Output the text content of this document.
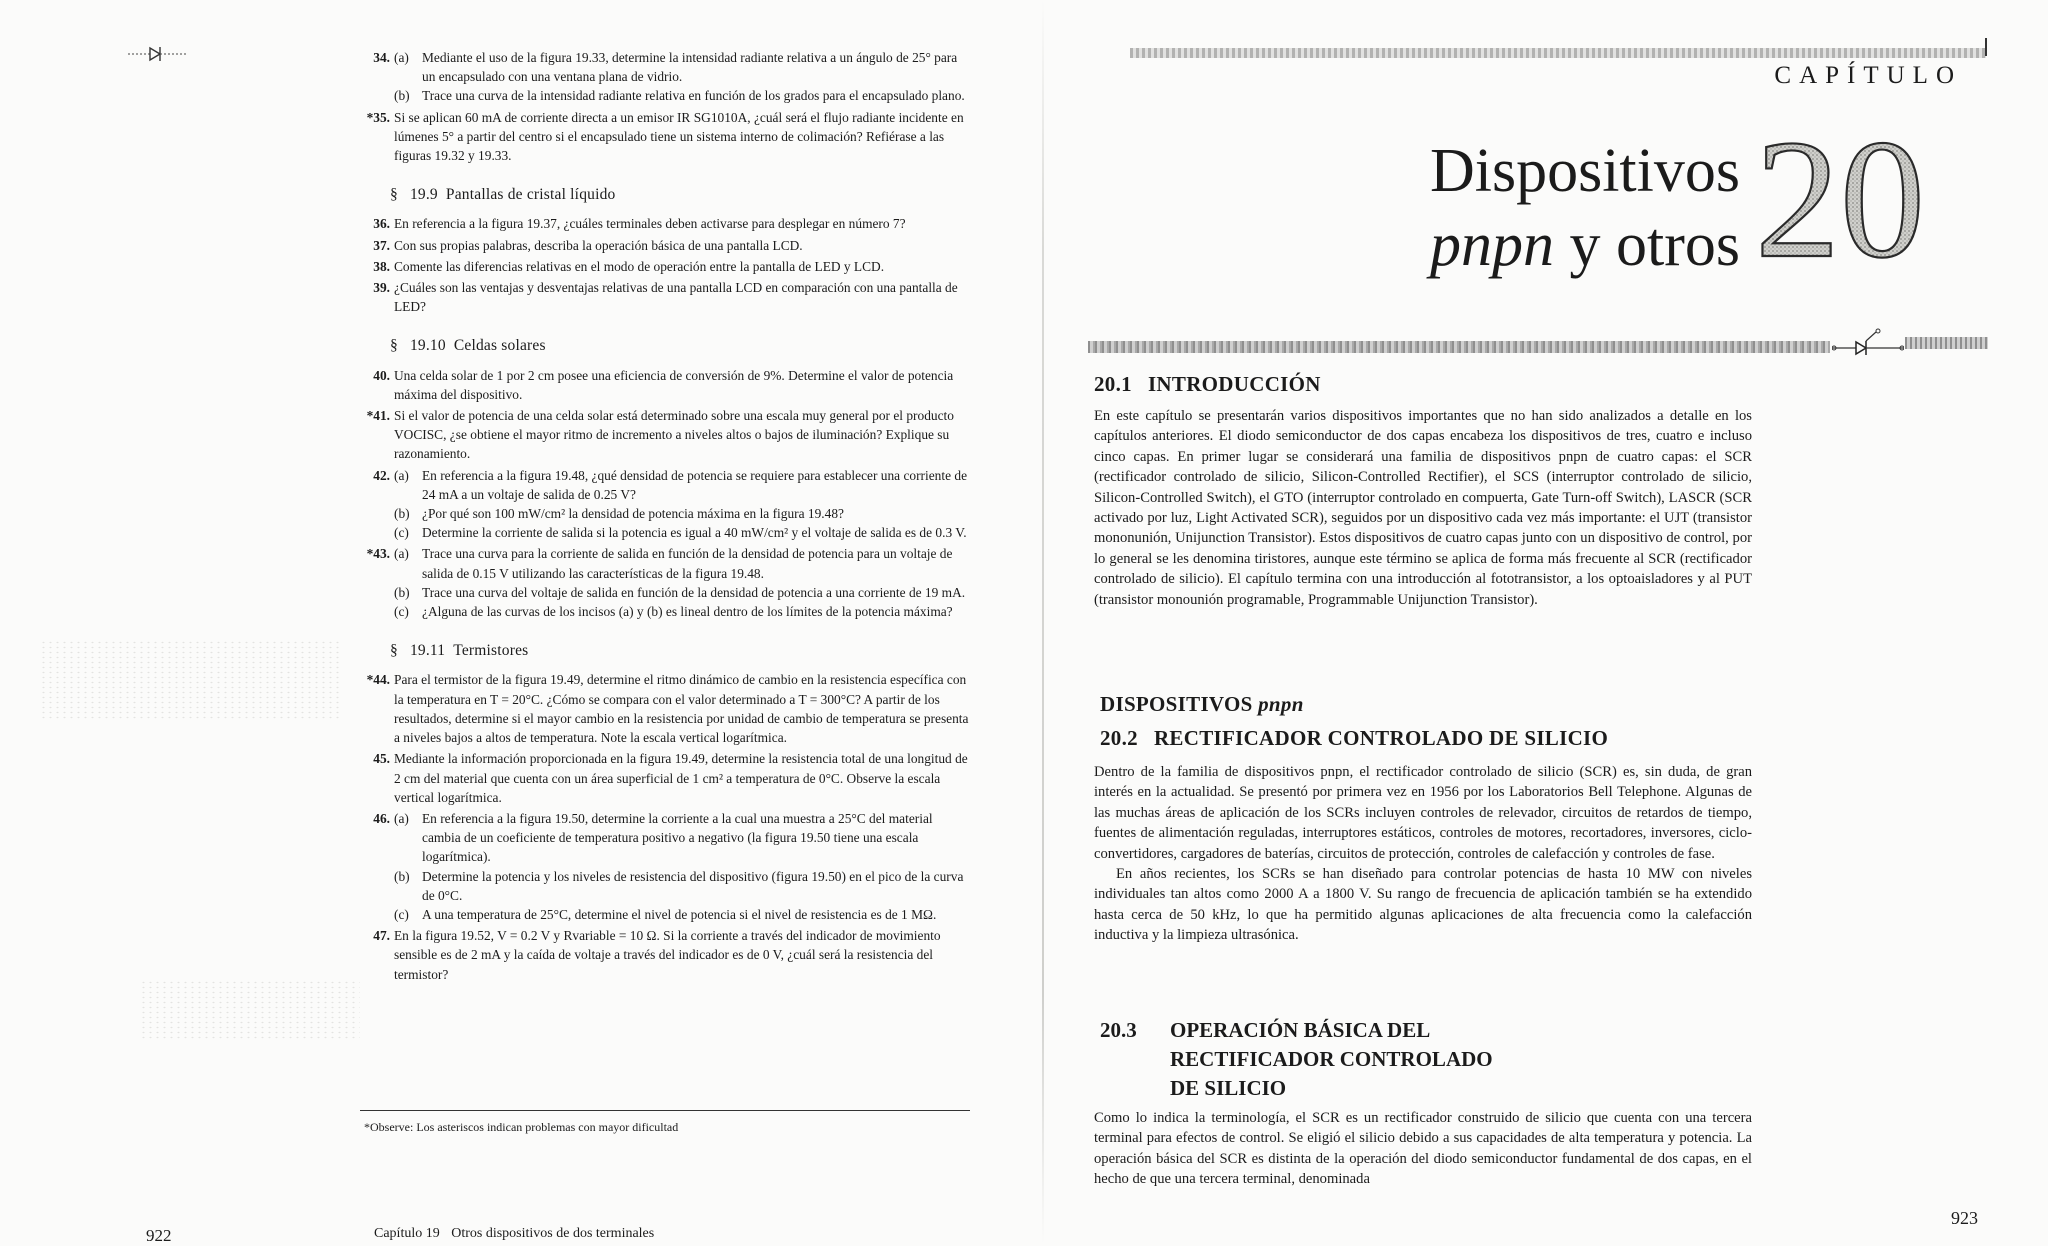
34. (a) Mediante el uso de la figura 19.33, determine la intensidad radiante relativa a un ángulo de 25° para un encapsulado con una ventana plana de vidrio.
(b) Trace una curva de la intensidad radiante relativa en función de los grados para el encapsulado plano.
*35. Si se aplican 60 mA de corriente directa a un emisor IR SG1010A, ¿cuál será el flujo radiante incidente en lúmenes 5° a partir del centro si el encapsulado tiene un sistema interno de colimación? Refiérase a las figuras 19.32 y 19.33.
§ 19.9 Pantallas de cristal líquido
36. En referencia a la figura 19.37, ¿cuáles terminales deben activarse para desplegar en número 7?
37. Con sus propias palabras, describa la operación básica de una pantalla LCD.
38. Comente las diferencias relativas en el modo de operación entre la pantalla de LED y LCD.
39. ¿Cuáles son las ventajas y desventajas relativas de una pantalla LCD en comparación con una pantalla de LED?
§ 19.10 Celdas solares
40. Una celda solar de 1 por 2 cm posee una eficiencia de conversión de 9%. Determine el valor de potencia máxima del dispositivo.
*41. Si el valor de potencia de una celda solar está determinado sobre una escala muy general por el producto VOCISC, ¿se obtiene el mayor ritmo de incremento a niveles altos o bajos de iluminación? Explique su razonamiento.
42. (a) En referencia a la figura 19.48, ¿qué densidad de potencia se requiere para establecer una corriente de 24 mA a un voltaje de salida de 0.25 V?
(b) ¿Por qué son 100 mW/cm² la densidad de potencia máxima en la figura 19.48?
(c) Determine la corriente de salida si la potencia es igual a 40 mW/cm² y el voltaje de salida es de 0.3 V.
*43. (a) Trace una curva para la corriente de salida en función de la densidad de potencia para un voltaje de salida de 0.15 V utilizando las características de la figura 19.48.
(b) Trace una curva del voltaje de salida en función de la densidad de potencia a una corriente de 19 mA.
(c) ¿Alguna de las curvas de los incisos (a) y (b) es lineal dentro de los límites de la potencia máxima?
§ 19.11 Termistores
*44. Para el termistor de la figura 19.49, determine el ritmo dinámico de cambio en la resistencia específica con la temperatura en T = 20°C. ¿Cómo se compara con el valor determinado a T = 300°C? A partir de los resultados, determine si el mayor cambio en la resistencia por unidad de cambio de temperatura se presenta a niveles bajos a altos de temperatura. Note la escala vertical logarítmica.
45. Mediante la información proporcionada en la figura 19.49, determine la resistencia total de una longitud de 2 cm del material que cuenta con un área superficial de 1 cm² a temperatura de 0°C. Observe la escala vertical logarítmica.
46. (a) En referencia a la figura 19.50, determine la corriente a la cual una muestra a 25°C del material cambia de un coeficiente de temperatura positivo a negativo (la figura 19.50 tiene una escala logarítmica).
(b) Determine la potencia y los niveles de resistencia del dispositivo (figura 19.50) en el pico de la curva de 0°C.
(c) A una temperatura de 25°C, determine el nivel de potencia si el nivel de resistencia es de 1 MΩ.
47. En la figura 19.52, V = 0.2 V y Rvariable = 10 Ω. Si la corriente a través del indicador de movimiento sensible es de 2 mA y la caída de voltaje a través del indicador es de 0 V, ¿cuál será la resistencia del termistor?
*Observe: Los asteriscos indican problemas con mayor dificultad
922	Capítulo 19 Otros dispositivos de dos terminales
CAPÍTULO
Dispositivos
pnpn y otros 20
20.1 INTRODUCCIÓN

En este capítulo se presentarán varios dispositivos importantes que no han sido analizados a detalle en los capítulos anteriores. El diodo semiconductor de dos capas encabeza los dispositivos de tres, cuatro e incluso cinco capas. En primer lugar se considerará una familia de dispositivos pnpn de cuatro capas: el SCR (rectificador controlado de silicio, Silicon-Controlled Rectifier), el SCS (interruptor controlado de silicio, Silicon-Controlled Switch), el GTO (interruptor controlado en compuerta, Gate Turn-off Switch), LASCR (SCR activado por luz, Light Activated SCR), seguidos por un dispositivo cada vez más importante: el UJT (transistor mononunión, Unijunction Transistor). Estos dispositivos de cuatro capas junto con un dispositivo de control, por lo general se les denomina tiristores, aunque este término se aplica de forma más frecuente al SCR (rectificador controlado de silicio). El capítulo termina con una introducción al fototransistor, a los optoaisladores y al PUT (transistor monounión programable, Programmable Unijunction Transistor).

DISPOSITIVOS pnpn
20.2 RECTIFICADOR CONTROLADO DE SILICIO

Dentro de la familia de dispositivos pnpn, el rectificador controlado de silicio (SCR) es, sin duda, de gran interés en la actualidad. Se presentó por primera vez en 1956 por los Laboratorios Bell Telephone. Algunas de las muchas áreas de aplicación de los SCRs incluyen controles de relevador, circuitos de retardos de tiempo, fuentes de alimentación reguladas, interruptores estáticos, controles de motores, recortadores, inversores, ciclo-convertidores, cargadores de baterías, circuitos de protección, controles de calefacción y controles de fase.

En años recientes, los SCRs se han diseñado para controlar potencias de hasta 10 MW con niveles individuales tan altos como 2000 A a 1800 V. Su rango de frecuencia de aplicación también se ha extendido hasta cerca de 50 kHz, lo que ha permitido algunas aplicaciones de alta frecuencia como la calefacción inductiva y la limpieza ultrasónica.

20.3 OPERACIÓN BÁSICA DEL
RECTIFICADOR CONTROLADO
DE SILICIO

Como lo indica la terminología, el SCR es un rectificador construido de silicio que cuenta con una tercera terminal para efectos de control. Se eligió el silicio debido a sus capacidades de alta temperatura y potencia. La operación básica del SCR es distinta de la operación del diodo semiconductor fundamental de dos capas, en el hecho de que una tercera terminal, denominada

923
